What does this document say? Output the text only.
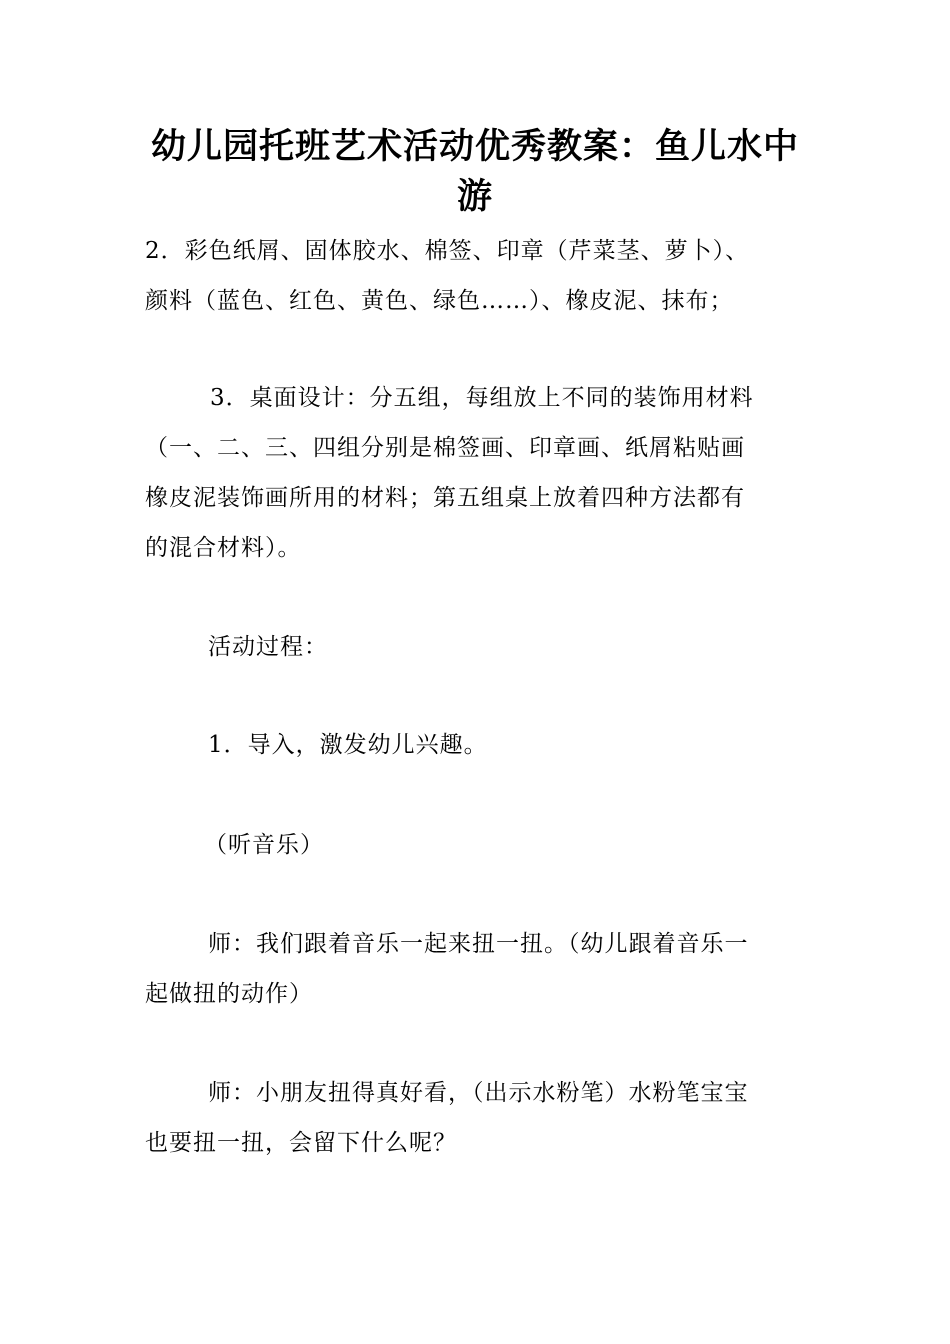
幼儿园托班艺术活动优秀教案：鱼儿水中游

2．彩色纸屑、固体胶水、棉签、印章（芹菜茎、萝卜）、
颜料（蓝色、红色、黄色、绿色……）、橡皮泥、抹布；

3．桌面设计：分五组，每组放上不同的装饰用材料

（一、二、三、四组分别是棉签画、印章画、纸屑粘贴画
橡皮泥装饰画所用的材料；第五组桌上放着四种方法都有
的混合材料）。

活动过程：

1．导入，激发幼儿兴趣。

（听音乐）

师：我们跟着音乐一起来扭一扭。（幼儿跟着音乐一

起做扭的动作）

师：小朋友扭得真好看，（出示水粉笔）水粉笔宝宝

也要扭一扭，会留下什么呢？
